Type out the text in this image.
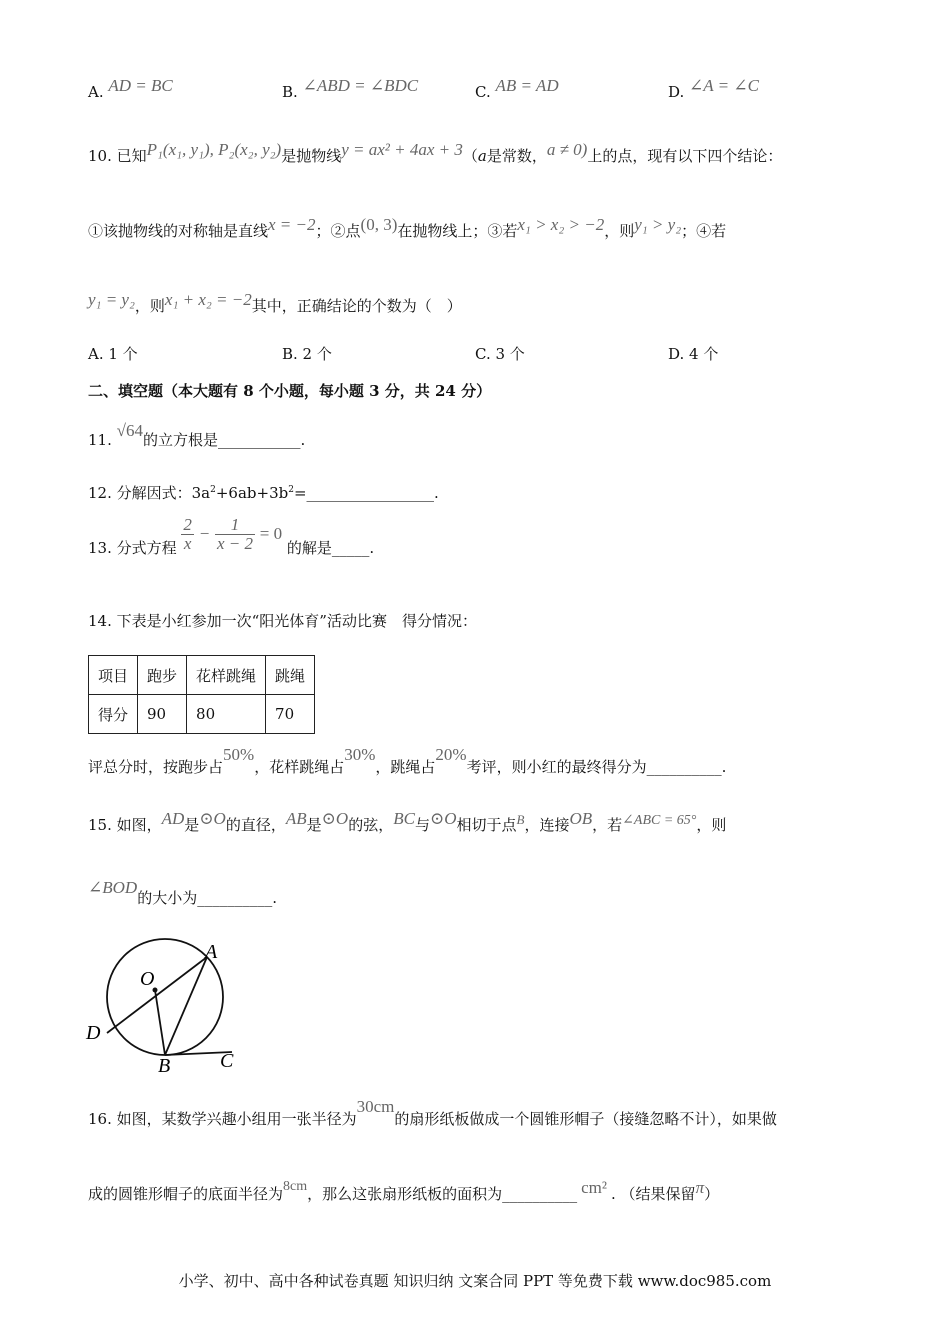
A. AD = BC	B. ∠ABD = ∠BDC	C. AB = AD	D. ∠A = ∠C
10. 已知P₁(x₁, y₁), P₂(x₂, y₂)是抛物线y = ax² + 4ax + 3（a是常数，a ≠ 0)上的点，现有以下四个结论：
①该抛物线的对称轴是直线x = −2；②点(0, 3)在抛物线上；③若x₁ > x₂ > −2，则y₁ > y₂；④若
y₁ = y₂，则x₁ + x₂ = −2其中，正确结论的个数为（　）
A. 1 个	B. 2 个	C. 3 个	D. 4 个
二、填空题（本大题有 8 个小题，每小题 3 分，共 24 分）
11. √64的立方根是___________.
12. 分解因式：$3a^2+6ab+3b^2=\_\_\_\_\_\_\_\_\_\_\_\_\_\_\_\_\_$.
13. 分式方程 $\frac{2}{x} - \frac{1}{x - 2} = 0$ 的解是_____.
14. 下表是小红参加一次“阳光体育”活动比赛　得分情况：
项目	跑步	花样跳绳	跳绳
得分	90	80	70
评总分时，按跑步占50%，花样跳绳占30%，跳绳占20%考评，则小红的最终得分为__________.
15. 如图，AD是⊙O的直径，AB是⊙O的弦，BC与⊙O相切于点B，连接OB，若∠ABC = 65°，则
∠BOD的大小为__________.
A
O
D
B C
16. 如图，某数学兴趣小组用一张半径为30cm的扇形纸板做成一个圆锥形帽子（接缝忽略不计），如果做
成的圆锥形帽子的底面半径为8cm，那么这张扇形纸板的面积为__________ cm² . （结果保留π）
小学、初中、高中各种试卷真题 知识归纳 文案合同 PPT 等免费下载 www.doc985.com
